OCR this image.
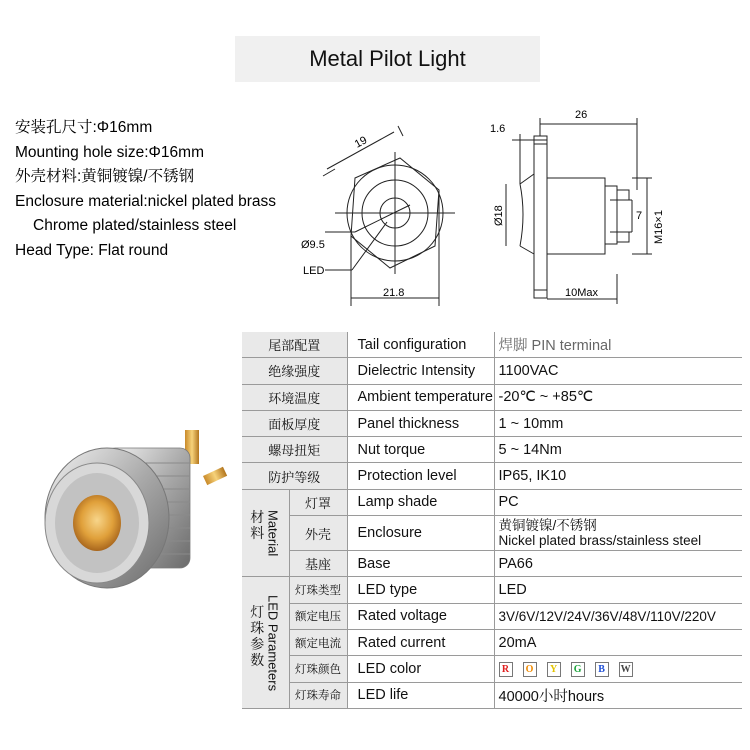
Metal Pilot Light
安装孔尺寸:Φ16mm
Mounting hole size:Φ16mm
外壳材料:黄铜镀镍/不锈钢
Enclosure material:nickel plated brass
Chrome plated/stainless steel
Head Type: Flat round
19
21.8
Ø9.5
LED
26
1.6
Ø18	7 M16×1
10Max
尾部配置		Tail configuration	焊脚 PIN terminal
绝缘强度		Dielectric Intensity	1100VAC
环境温度		Ambient temperature	-20℃ ~ +85℃
面板厚度		Panel thickness	1 ~ 10mm
螺母扭矩		Nut torque	5 ~ 14Nm
防护等级		Protection level	IP65, IK10

材
料 Material	灯罩	Lamp shade	PC
	外壳	Enclosure	黄铜镀镍/不锈钢
Nickel plated brass/stainless steel

	基座	Base	PA66

灯
珠
参
数 LED Parameters	灯珠类型	LED type	LED
	额定电压	Rated voltage	3V/6V/12V/24V/36V/48V/110V/220V
	额定电流	Rated current	20mA
	灯珠颜色	LED color	R O Y G B W
	灯珠寿命	LED life	40000小时hours
